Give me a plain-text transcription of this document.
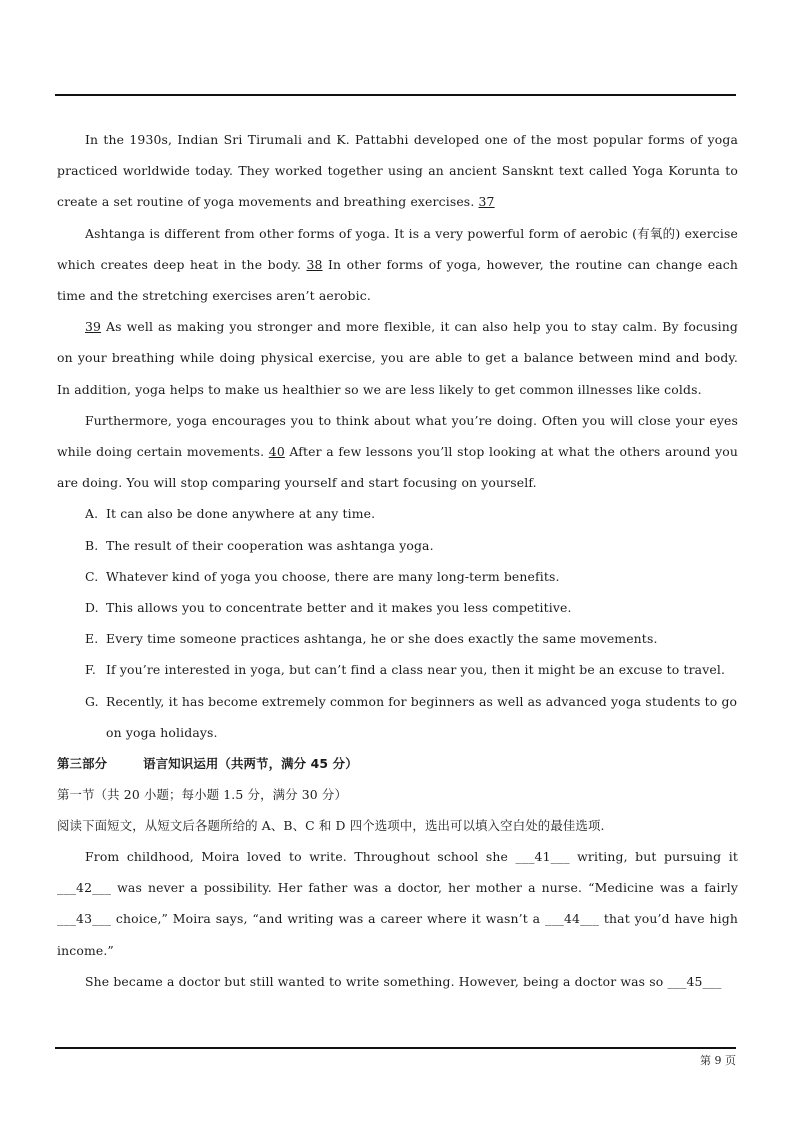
In the 1930s, Indian Sri Tirumali and K. Pattabhi developed one of the most popular forms of yoga practiced worldwide today. They worked together using an ancient Sansknt text called Yoga Korunta to create a set routine of yoga movements and breathing exercises. 37

Ashtanga is different from other forms of yoga. It is a very powerful form of aerobic (有氧的) exercise which creates deep heat in the body. 38 In other forms of yoga, however, the routine can change each time and the stretching exercises aren’t aerobic.

39 As well as making you stronger and more flexible, it can also help you to stay calm. By focusing on your breathing while doing physical exercise, you are able to get a balance between mind and body. In addition, yoga helps to make us healthier so we are less likely to get common illnesses like colds.

Furthermore, yoga encourages you to think about what you’re doing. Often you will close your eyes while doing certain movements. 40 After a few lessons you’ll stop looking at what the others around you are doing. You will stop comparing yourself and start focusing on yourself.

A. It can also be done anywhere at any time.

B. The result of their cooperation was ashtanga yoga.

C. Whatever kind of yoga you choose, there are many long-term benefits.

D. This allows you to concentrate better and it makes you less competitive.

E. Every time someone practices ashtanga, he or she does exactly the same movements.

F. If you’re interested in yoga, but can’t find a class near you, then it might be an excuse to travel.

G. Recently, it has become extremely common for beginners as well as advanced yoga students to go on yoga holidays.

第三部分	语言知识运用（共两节，满分 45 分）

第一节（共 20 小题；每小题 1.5 分，满分 30 分）

阅读下面短文，从短文后各题所给的 A、B、C 和 D 四个选项中，选出可以填入空白处的最佳选项.

From childhood, Moira loved to write. Throughout school she ___41___ writing, but pursuing it ___42___ was never a possibility. Her father was a doctor, her mother a nurse. “Medicine was a fairly ___43___ choice,” Moira says, “and writing was a career where it wasn’t a ___44___ that you’d have high income.”

She became a doctor but still wanted to write something. However, being a doctor was so ___45___

第 9 页
